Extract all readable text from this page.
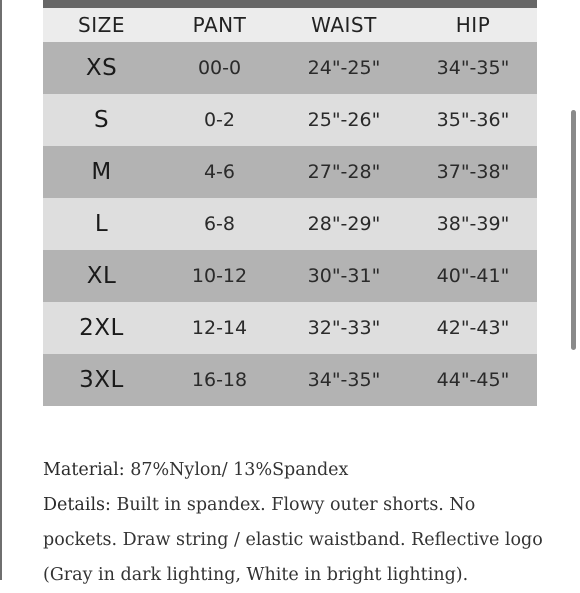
SIZE	PANT	WAIST	HIP
XS	00-0	24"-25"	34"-35"
S	0-2	25"-26"	35"-36"
M	4-6	27"-28"	37"-38"
L	6-8	28"-29"	38"-39"
XL	10-12	30"-31"	40"-41"
2XL	12-14	32"-33"	42"-43"
3XL	16-18	34"-35"	44"-45"

Material: 87%Nylon/ 13%Spandex

Details: Built in spandex. Flowy outer shorts. No

pockets. Draw string / elastic waistband. Reflective logo

(Gray in dark lighting, White in bright lighting).
